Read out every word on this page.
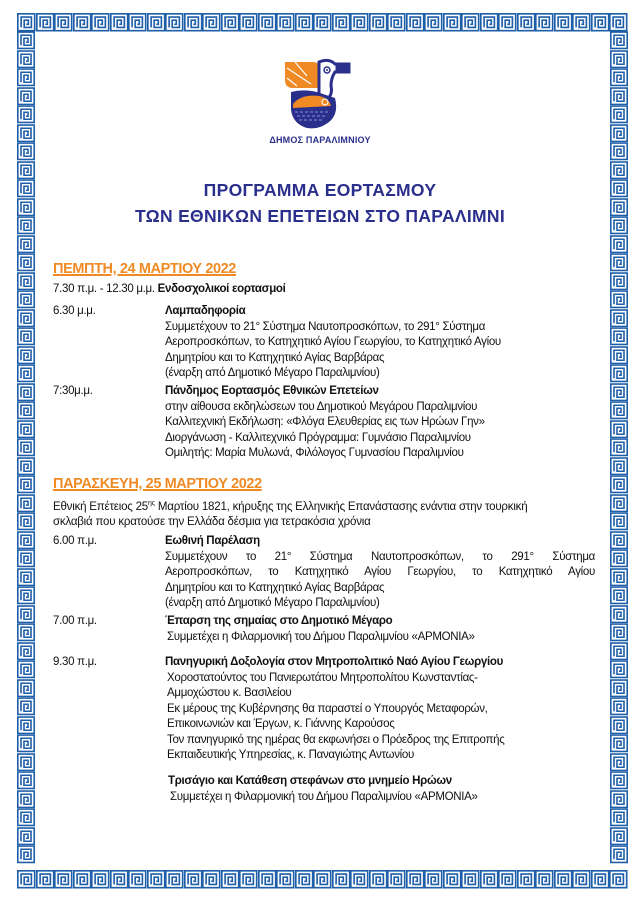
ΔΗΜΟΣ ΠΑΡΑΛΙΜΝΙΟΥ
ΠΡΟΓΡΑΜΜΑ ΕΟΡΤΑΣΜΟΥ
ΤΩΝ ΕΘΝΙΚΩΝ ΕΠΕΤΕΙΩΝ ΣΤΟ ΠΑΡΑΛΙΜΝΙ
ΠΕΜΠΤΗ, 24 ΜΑΡΤΙΟΥ 2022
7.30 π.μ. - 12.30 μ.μ. Ενδοσχολικοί εορτασμοί
6.30 μ.μ.	Λαμπαδηφορία
Συμμετέχουν το 21° Σύστημα Ναυτοπροσκόπων, το 291° Σύστημα
Αεροπροσκόπων, το Κατηχητικό Αγίου Γεωργίου, το Κατηχητικό Αγίου
Δημητρίου και το Κατηχητικό Αγίας Βαρβάρας
(έναρξη από Δημοτικό Μέγαρο Παραλιμνίου)
7:30μ.μ.	Πάνδημος Εορτασμός Εθνικών Επετείων
στην αίθουσα εκδηλώσεων του Δημοτικού Μεγάρου Παραλιμνίου
Καλλιτεχνική Εκδήλωση: «Φλόγα Ελευθερίας εις των Ηρώων Γην»
Διοργάνωση - Καλλιτεχνικό Πρόγραμμα: Γυμνάσιο Παραλιμνίου
Ομιλητής: Μαρία Μυλωνά, Φιλόλογος Γυμνασίου Παραλιμνίου
ΠΑΡΑΣΚΕΥΗ, 25 ΜΑΡΤΙΟΥ 2022
Εθνική Επέτειος $25^{\eta\varsigma}$ Μαρτίου 1821, κήρυξης της Ελληνικής Επανάστασης ενάντια στην τουρκική
σκλαβιά που κρατούσε την Ελλάδα δέσμια για τετρακόσια χρόνια
6.00 π.μ.	Εωθινή Παρέλαση
Συμμετέχουν το 21° Σύστημα Ναυτοπροσκόπων, το 291° Σύστημα
Αεροπροσκόπων, το Κατηχητικό Αγίου Γεωργίου, το Κατηχητικό Αγίου
Δημητρίου και το Κατηχητικό Αγίας Βαρβάρας
(έναρξη από Δημοτικό Μέγαρο Παραλιμνίου)
7.00 π.μ.	Έπαρση της σημαίας στο Δημοτικό Μέγαρο
Συμμετέχει η Φιλαρμονική του Δήμου Παραλιμνίου «ΑΡΜΟΝΙΑ»
9.30 π.μ.	Πανηγυρική Δοξολογία στον Μητροπολιτικό Ναό Αγίου Γεωργίου
Χοροστατούντος του Πανιερωτάτου Μητροπολίτου Κωνσταντίας-
Αμμοχώστου κ. Βασιλείου
Εκ μέρους της Κυβέρνησης θα παραστεί ο Υπουργός Μεταφορών,
Επικοινωνιών και Έργων, κ. Γιάννης Καρούσος
Τον πανηγυρικό της ημέρας θα εκφωνήσει ο Πρόεδρος της Επιτροπής
Εκπαιδευτικής Υπηρεσίας, κ. Παναγιώτης Αντωνίου
Τρισάγιο και Κατάθεση στεφάνων στο μνημείο Ηρώων
Συμμετέχει η Φιλαρμονική του Δήμου Παραλιμνίου «ΑΡΜΟΝΙΑ»
